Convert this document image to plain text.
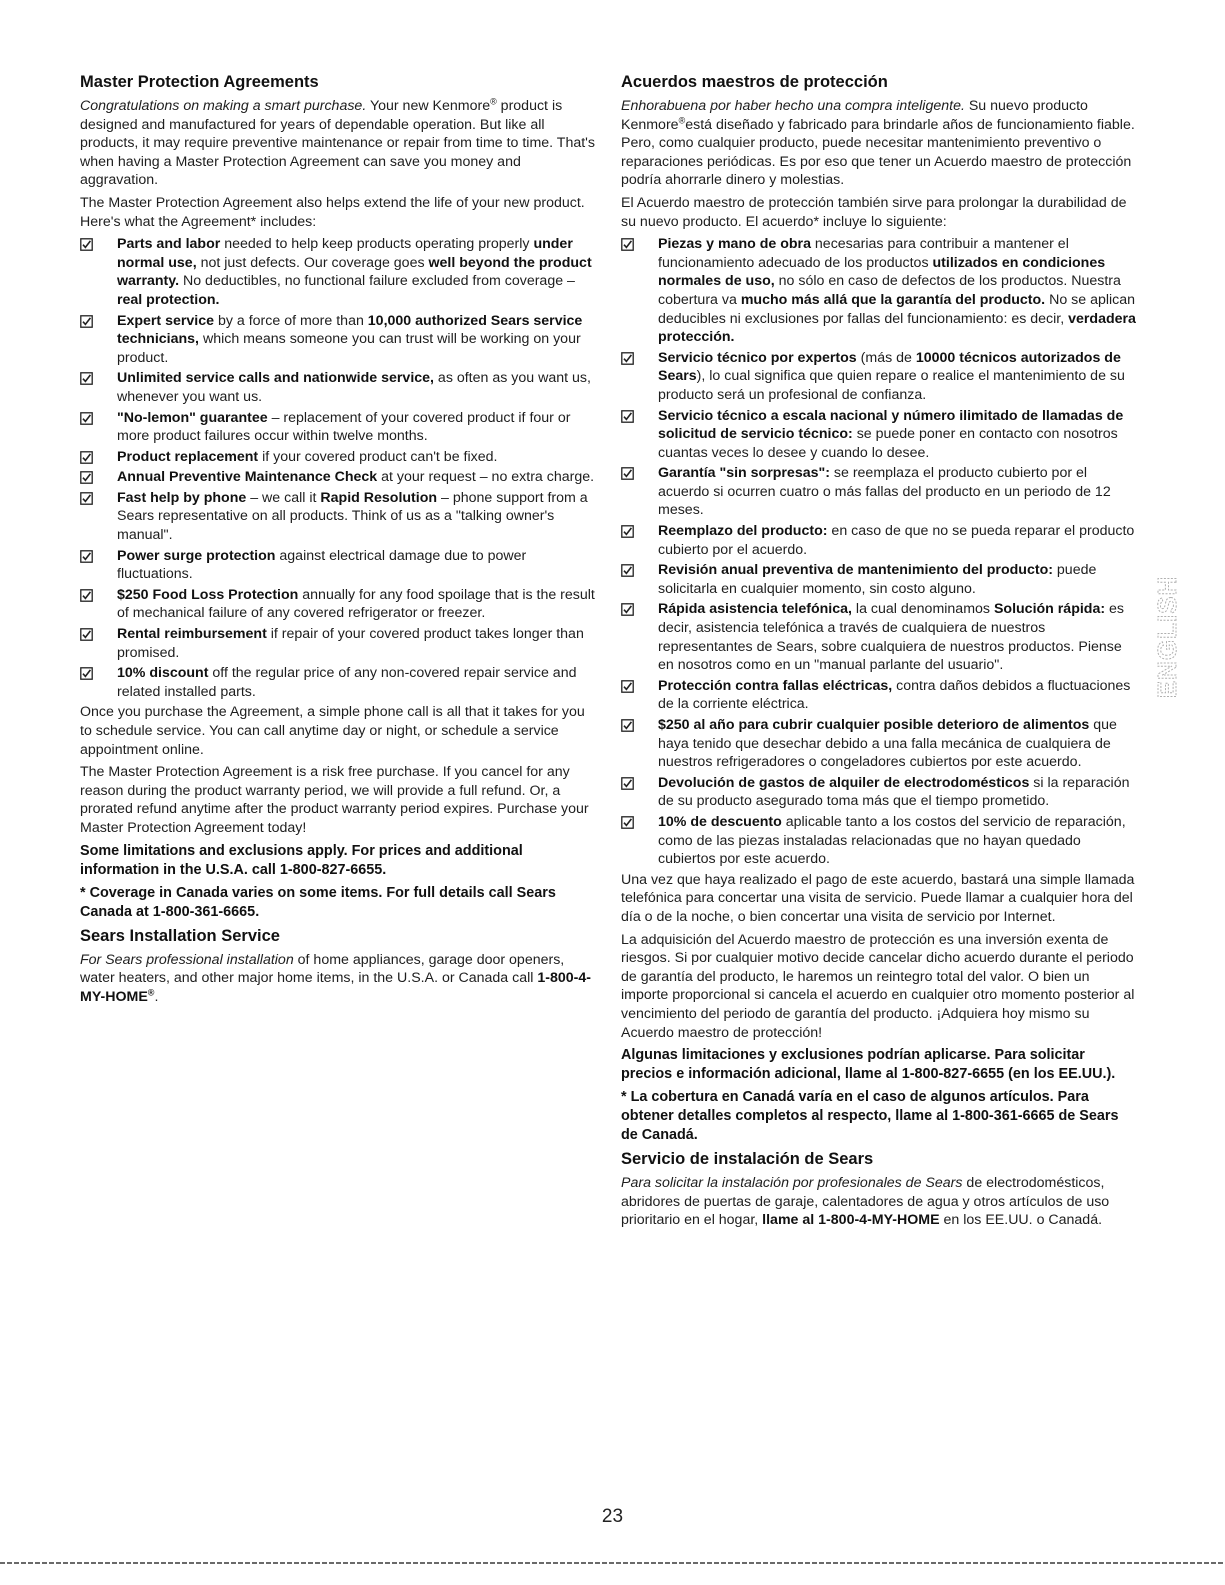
Master Protection Agreements

Congratulations on making a smart purchase. Your new Kenmore® product is designed and manufactured for years of dependable operation. But like all products, it may require preventive maintenance or repair from time to time. That's when having a Master Protection Agreement can save you money and aggravation.

The Master Protection Agreement also helps extend the life of your new product. Here's what the Agreement* includes:

Parts and labor needed to help keep products operating properly under normal use, not just defects. Our coverage goes well beyond the product warranty. No deductibles, no functional failure excluded from coverage – real protection.
Expert service by a force of more than 10,000 authorized Sears service technicians, which means someone you can trust will be working on your product.
Unlimited service calls and nationwide service, as often as you want us, whenever you want us.
"No-lemon" guarantee – replacement of your covered product if four or more product failures occur within twelve months.
Product replacement if your covered product can't be fixed.
Annual Preventive Maintenance Check at your request – no extra charge.
Fast help by phone – we call it Rapid Resolution – phone support from a Sears representative on all products. Think of us as a "talking owner's manual".
Power surge protection against electrical damage due to power fluctuations.
$250 Food Loss Protection annually for any food spoilage that is the result of mechanical failure of any covered refrigerator or freezer.
Rental reimbursement if repair of your covered product takes longer than promised.
10% discount off the regular price of any non-covered repair service and related installed parts.

Once you purchase the Agreement, a simple phone call is all that it takes for you to schedule service. You can call anytime day or night, or schedule a service appointment online.

The Master Protection Agreement is a risk free purchase. If you cancel for any reason during the product warranty period, we will provide a full refund. Or, a prorated refund anytime after the product warranty period expires. Purchase your Master Protection Agreement today!

Some limitations and exclusions apply. For prices and additional information in the U.S.A. call 1-800-827-6655.

* Coverage in Canada varies on some items. For full details call Sears Canada at 1-800-361-6665.

Sears Installation Service

For Sears professional installation of home appliances, garage door openers, water heaters, and other major home items, in the U.S.A. or Canada call 1-800-4-MY-HOME®.

Acuerdos maestros de protección

Enhorabuena por haber hecho una compra inteligente. Su nuevo producto Kenmore®está diseñado y fabricado para brindarle años de funcionamiento fiable. Pero, como cualquier producto, puede necesitar mantenimiento preventivo o reparaciones periódicas. Es por eso que tener un Acuerdo maestro de protección podría ahorrarle dinero y molestias.

El Acuerdo maestro de protección también sirve para prolongar la durabilidad de su nuevo producto. El acuerdo* incluye lo siguiente:

Piezas y mano de obra necesarias para contribuir a mantener el funcionamiento adecuado de los productos utilizados en condiciones normales de uso, no sólo en caso de defectos de los productos. Nuestra cobertura va mucho más allá que la garantía del producto. No se aplican deducibles ni exclusiones por fallas del funcionamiento: es decir, verdadera protección.
Servicio técnico por expertos (más de 10000 técnicos autorizados de Sears), lo cual significa que quien repare o realice el mantenimiento de su producto será un profesional de confianza.
Servicio técnico a escala nacional y número ilimitado de llamadas de solicitud de servicio técnico: se puede poner en contacto con nosotros cuantas veces lo desee y cuando lo desee.
Garantía "sin sorpresas": se reemplaza el producto cubierto por el acuerdo si ocurren cuatro o más fallas del producto en un periodo de 12 meses.
Reemplazo del producto: en caso de que no se pueda reparar el producto cubierto por el acuerdo.
Revisión anual preventiva de mantenimiento del producto: puede solicitarla en cualquier momento, sin costo alguno.
Rápida asistencia telefónica, la cual denominamos Solución rápida: es decir, asistencia telefónica a través de cualquiera de nuestros representantes de Sears, sobre cualquiera de nuestros productos. Piense en nosotros como en un "manual parlante del usuario".
Protección contra fallas eléctricas, contra daños debidos a fluctuaciones de la corriente eléctrica.
$250 al año para cubrir cualquier posible deterioro de alimentos que haya tenido que desechar debido a una falla mecánica de cualquiera de nuestros refrigeradores o congeladores cubiertos por este acuerdo.
Devolución de gastos de alquiler de electrodomésticos si la reparación de su producto asegurado toma más que el tiempo prometido.
10% de descuento aplicable tanto a los costos del servicio de reparación, como de las piezas instaladas relacionadas que no hayan quedado cubiertos por este acuerdo.

Una vez que haya realizado el pago de este acuerdo, bastará una simple llamada telefónica para concertar una visita de servicio. Puede llamar a cualquier hora del día o de la noche, o bien concertar una visita de servicio por Internet.

La adquisición del Acuerdo maestro de protección es una inversión exenta de riesgos. Si por cualquier motivo decide cancelar dicho acuerdo durante el periodo de garantía del producto, le haremos un reintegro total del valor. O bien un importe proporcional si cancela el acuerdo en cualquier otro momento posterior al vencimiento del periodo de garantía del producto. ¡Adquiera hoy mismo su Acuerdo maestro de protección!

Algunas limitaciones y exclusiones podrían aplicarse. Para solicitar precios e información adicional, llame al 1-800-827-6655 (en los EE.UU.).

* La cobertura en Canadá varía en el caso de algunos artículos. Para obtener detalles completos al respecto, llame al 1-800-361-6665 de Sears de Canadá.

Servicio de instalación de Sears

Para solicitar la instalación por profesionales de Sears de electrodomésticos, abridores de puertas de garaje, calentadores de agua y otros artículos de uso prioritario en el hogar, llame al 1-800-4-MY-HOME en los EE.UU. o Canadá.

ENGLISH
23
